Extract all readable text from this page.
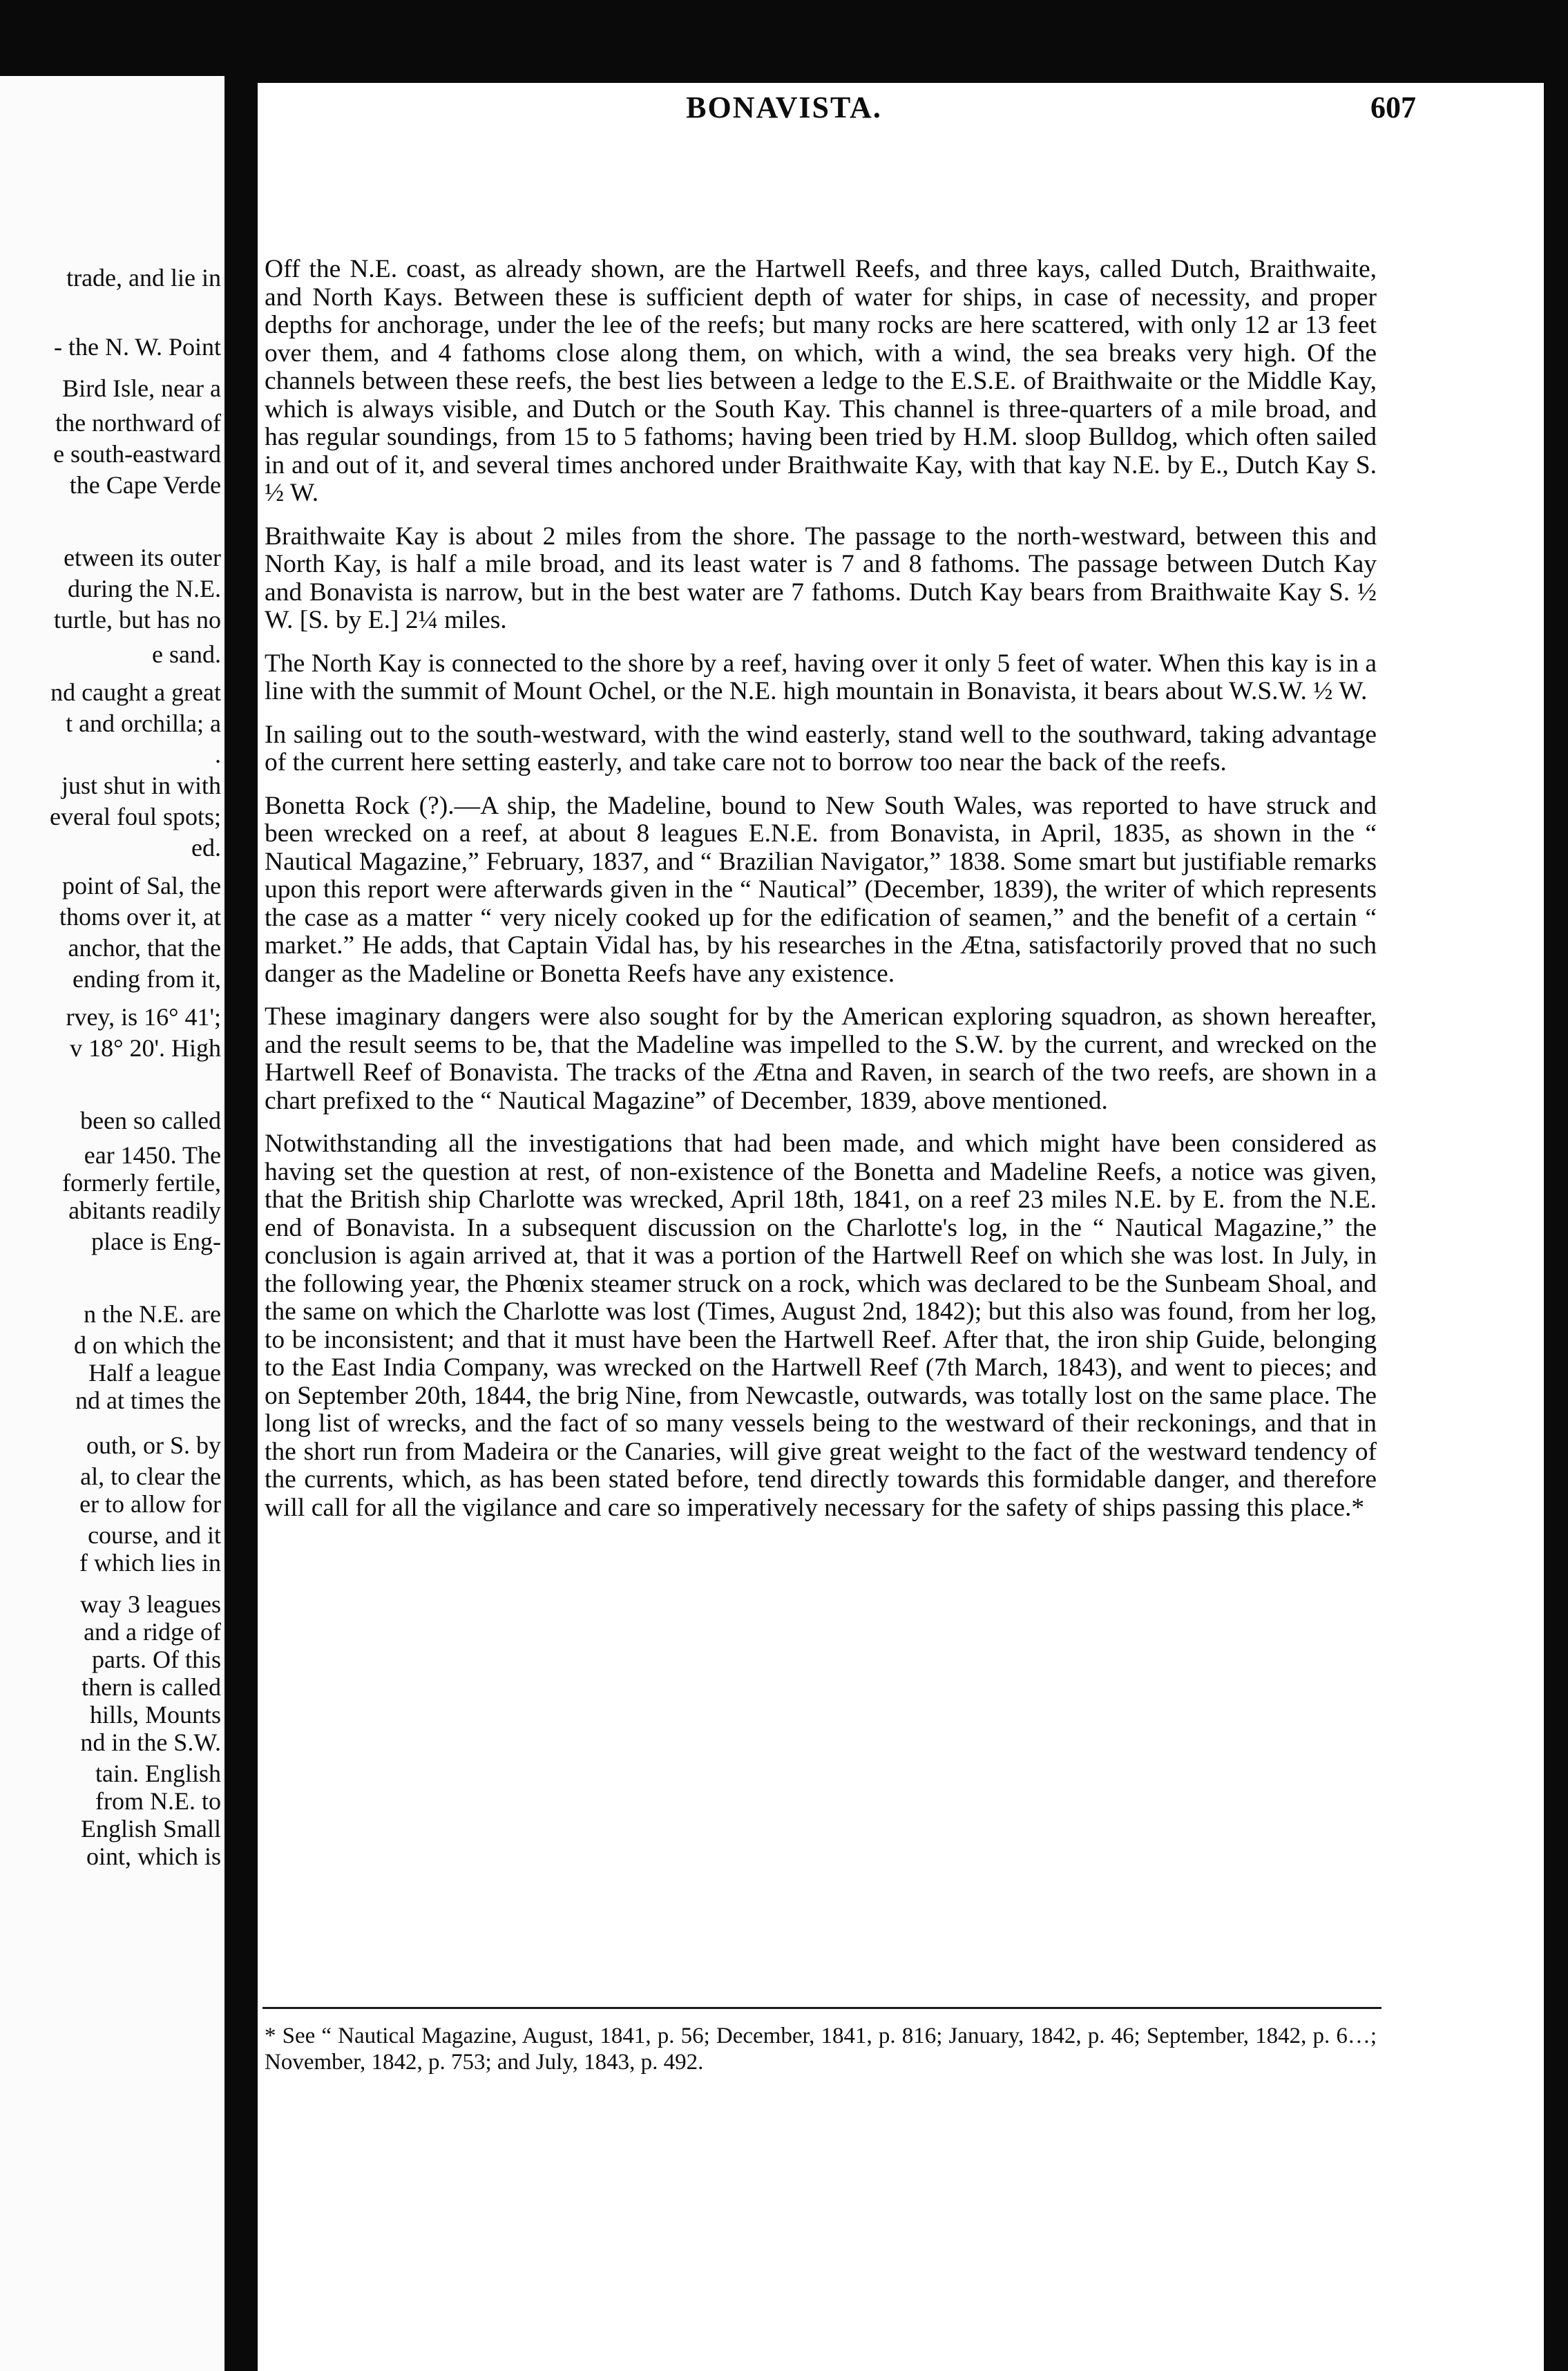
trade, and lie in
- the N. W. Point
Bird Isle, near a
the northward of
e south-eastward
the Cape Verde
etween its outer
during the N.E.
turtle, but has no
e sand.
nd caught a great
t and orchilla; a
.
just shut in with
everal foul spots;
ed.
point of Sal, the
thoms over it, at
anchor, that the
ending from it,
rvey, is 16° 41';
v 18° 20'. High
been so called
ear 1450. The
formerly fertile,
abitants readily
place is Eng-
n the N.E. are
d on which the
Half a league
nd at times the
outh, or S. by
al, to clear the
er to allow for
course, and it
f which lies in
way 3 leagues
and a ridge of
parts. Of this
thern is called
hills, Mounts
nd in the S.W.
tain. English
from N.E. to
English Small
oint, which is
BONAVISTA.	607

Off the N.E. coast, as already shown, are the Hartwell Reefs, and three kays, called Dutch, Braithwaite, and North Kays. Between these is sufficient depth of water for ships, in case of necessity, and proper depths for anchorage, under the lee of the reefs; but many rocks are here scattered, with only 12 ar 13 feet over them, and 4 fathoms close along them, on which, with a wind, the sea breaks very high. Of the channels between these reefs, the best lies between a ledge to the E.S.E. of Braithwaite or the Middle Kay, which is always visible, and Dutch or the South Kay. This channel is three-quarters of a mile broad, and has regular soundings, from 15 to 5 fathoms; having been tried by H.M. sloop Bulldog, which often sailed in and out of it, and several times anchored under Braithwaite Kay, with that kay N.E. by E., Dutch Kay S. ½ W.

Braithwaite Kay is about 2 miles from the shore. The passage to the north-westward, between this and North Kay, is half a mile broad, and its least water is 7 and 8 fathoms. The passage between Dutch Kay and Bonavista is narrow, but in the best water are 7 fathoms. Dutch Kay bears from Braithwaite Kay S. ½ W. [S. by E.] 2¼ miles.

The North Kay is connected to the shore by a reef, having over it only 5 feet of water. When this kay is in a line with the summit of Mount Ochel, or the N.E. high mountain in Bonavista, it bears about W.S.W. ½ W.

In sailing out to the south-westward, with the wind easterly, stand well to the southward, taking advantage of the current here setting easterly, and take care not to borrow too near the back of the reefs.

Bonetta Rock (?).—A ship, the Madeline, bound to New South Wales, was reported to have struck and been wrecked on a reef, at about 8 leagues E.N.E. from Bonavista, in April, 1835, as shown in the “ Nautical Magazine,” February, 1837, and “ Brazilian Navigator,” 1838. Some smart but justifiable remarks upon this report were afterwards given in the “ Nautical” (December, 1839), the writer of which represents the case as a matter “ very nicely cooked up for the edification of seamen,” and the benefit of a certain “ market.” He adds, that Captain Vidal has, by his researches in the Ætna, satisfactorily proved that no such danger as the Madeline or Bonetta Reefs have any existence.

These imaginary dangers were also sought for by the American exploring squadron, as shown hereafter, and the result seems to be, that the Madeline was impelled to the S.W. by the current, and wrecked on the Hartwell Reef of Bonavista. The tracks of the Ætna and Raven, in search of the two reefs, are shown in a chart prefixed to the “ Nautical Magazine” of December, 1839, above mentioned.

Notwithstanding all the investigations that had been made, and which might have been considered as having set the question at rest, of non-existence of the Bonetta and Madeline Reefs, a notice was given, that the British ship Charlotte was wrecked, April 18th, 1841, on a reef 23 miles N.E. by E. from the N.E. end of Bonavista. In a subsequent discussion on the Charlotte's log, in the “ Nautical Magazine,” the conclusion is again arrived at, that it was a portion of the Hartwell Reef on which she was lost. In July, in the following year, the Phœnix steamer struck on a rock, which was declared to be the Sunbeam Shoal, and the same on which the Charlotte was lost (Times, August 2nd, 1842); but this also was found, from her log, to be inconsistent; and that it must have been the Hartwell Reef. After that, the iron ship Guide, belonging to the East India Company, was wrecked on the Hartwell Reef (7th March, 1843), and went to pieces; and on September 20th, 1844, the brig Nine, from Newcastle, outwards, was totally lost on the same place. The long list of wrecks, and the fact of so many vessels being to the westward of their reckonings, and that in the short run from Madeira or the Canaries, will give great weight to the fact of the westward tendency of the currents, which, as has been stated before, tend directly towards this formidable danger, and therefore will call for all the vigilance and care so imperatively necessary for the safety of ships passing this place.*

* See “ Nautical Magazine, August, 1841, p. 56; December, 1841, p. 816; January, 1842, p. 46; September, 1842, p. 6…; November, 1842, p. 753; and July, 1843, p. 492.
